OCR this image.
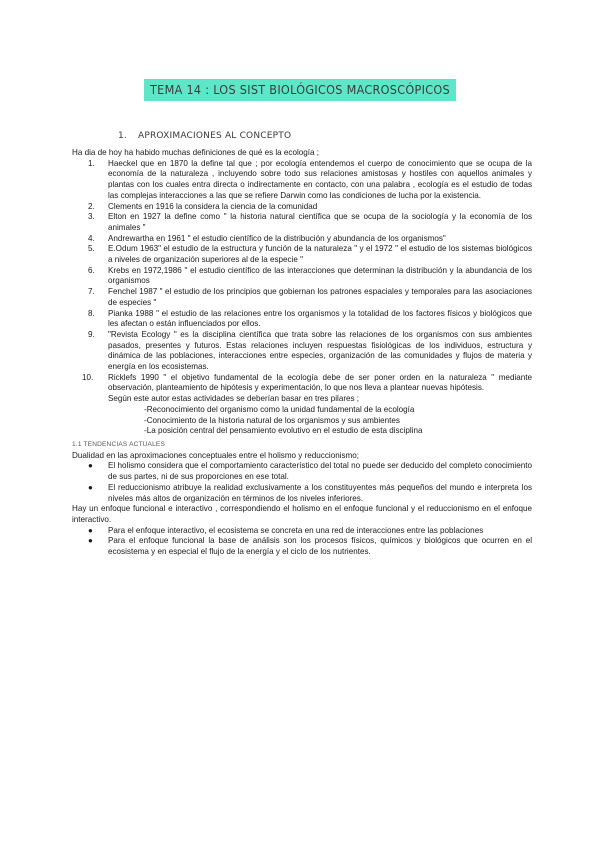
TEMA 14 : LOS SIST BIOLÓGICOS MACROSCÓPICOS
1. APROXIMACIONES AL CONCEPTO

Ha dia de hoy ha habido muchas definiciones de qué es la ecología ;

1. Haeckel que en 1870 la define tal que ; por ecología entendemos el cuerpo de conocimiento que se ocupa de la economía de la naturaleza , incluyendo sobre todo sus relaciones amistosas y hostiles con aquellos animales y plantas con los cuales entra directa o indirectamente en contacto, con una palabra , ecología es el estudio de todas las complejas interacciones a las que se refiere Darwin como las condiciones de lucha por la existencia.
2. Clements en 1916 la considera la ciencia de la comunidad
3. Elton en 1927 la define como " la historia natural científica que se ocupa de la sociología y la economía de los animales "
4. Andrewartha en 1961 " el estudio científico de la distribución y abundancia de los organismos"
5. E.Odum 1963" el estudio de la estructura y función de la naturaleza " y el 1972 " el estudio de los sistemas biológicos a niveles de organización superiores al de la especie "
6. Krebs en 1972,1986 " el estudio científico de las interacciones que determinan la distribución y la abundancia de los organismos
7. Fenchel 1987 " el estudio de los principios que gobiernan los patrones espaciales y temporales para las asociaciones de especies "
8. Pianka 1988 " el estudio de las relaciones entre los organismos y la totalidad de los factores físicos y biológicos que les afectan o están influenciados por ellos.
9. "Revista Ecology " es la disciplina científica que trata sobre las relaciones de los organismos con sus ambientes pasados, presentes y futuros. Estas relaciones incluyen respuestas fisiológicas de los individuos, estructura y dinámica de las poblaciones, interacciones entre especies, organización de las comunidades y flujos de materia y energía en los ecosistemas.
10. Ricklefs 1990 " el objetivo fundamental de la ecología debe de ser poner orden en la naturaleza " mediante observación, planteamiento de hipótesis y experimentación, lo que nos lleva a plantear nuevas hipótesis.

Según este autor estas actividades se deberían basar en tres pilares ;

-Reconocimiento del organismo como la unidad fundamental de la ecología

-Conocimiento de la historia natural de los organismos y sus ambientes

-La posición central del pensamiento evolutivo en el estudio de esta disciplina

1.1 TENDENCIAS ACTUALES

Dualidad en las aproximaciones conceptuales entre el holismo y reduccionismo;

● El holismo considera que el comportamiento característico del total no puede ser deducido del completo conocimiento de sus partes, ni de sus proporciones en ese total.
● El reduccionismo atribuye la realidad exclusivamente a los constituyentes más pequeños del mundo e interpreta los niveles más altos de organización en términos de los niveles inferiores.

Hay un enfoque funcional e interactivo , correspondiendo el holismo en el enfoque funcional y el reduccionismo en el enfoque interactivo.

● Para el enfoque interactivo, el ecosistema se concreta en una red de interacciones entre las poblaciones
● Para el enfoque funcional la base de análisis son los procesos físicos, químicos y biológicos que ocurren en el ecosistema y en especial el flujo de la energía y el ciclo de los nutrientes.
